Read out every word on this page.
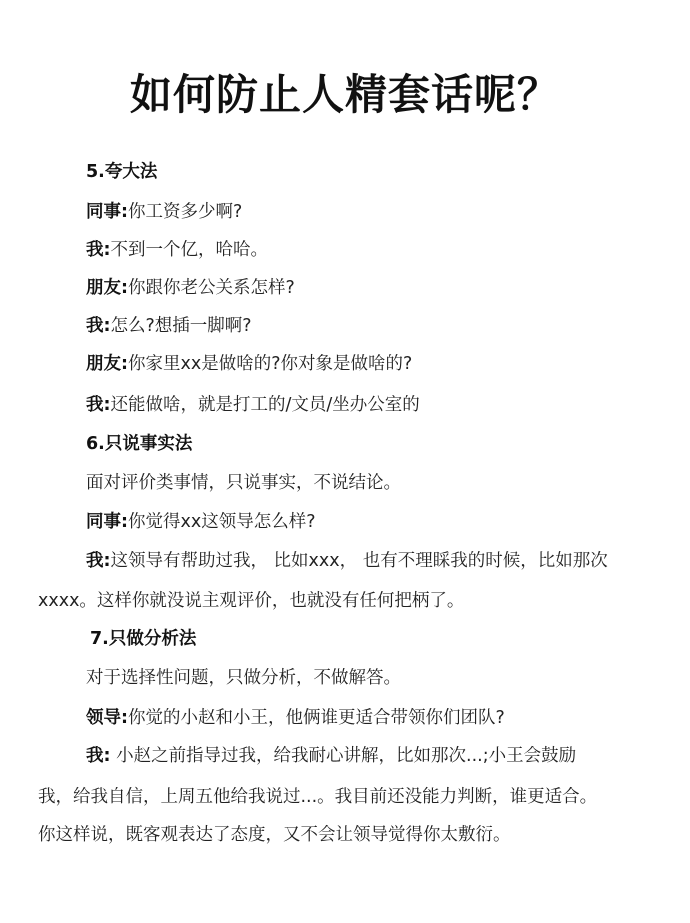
如何防止人精套话呢？
5.夸大法
同事:你工资多少啊?
我:不到一个亿，哈哈。
朋友:你跟你老公关系怎样?
我:怎么?想插一脚啊?
朋友:你家里xx是做啥的?你对象是做啥的?
我:还能做啥，就是打工的/文员/坐办公室的
6.只说事实法
面对评价类事情，只说事实，不说结论。
同事:你觉得xx这领导怎么样?
我:这领导有帮助过我， 比如xxx， 也有不理睬我的时候，比如那次
xxxx。这样你就没说主观评价，也就没有任何把柄了。
7.只做分析法
对于选择性问题，只做分析，不做解答。
领导:你觉的小赵和小王，他俩谁更适合带领你们团队?
我: 小赵之前指导过我，给我耐心讲解，比如那次...;小王会鼓励
我，给我自信，上周五他给我说过...。我目前还没能力判断，谁更适合。
你这样说，既客观表达了态度，又不会让领导觉得你太敷衍。
